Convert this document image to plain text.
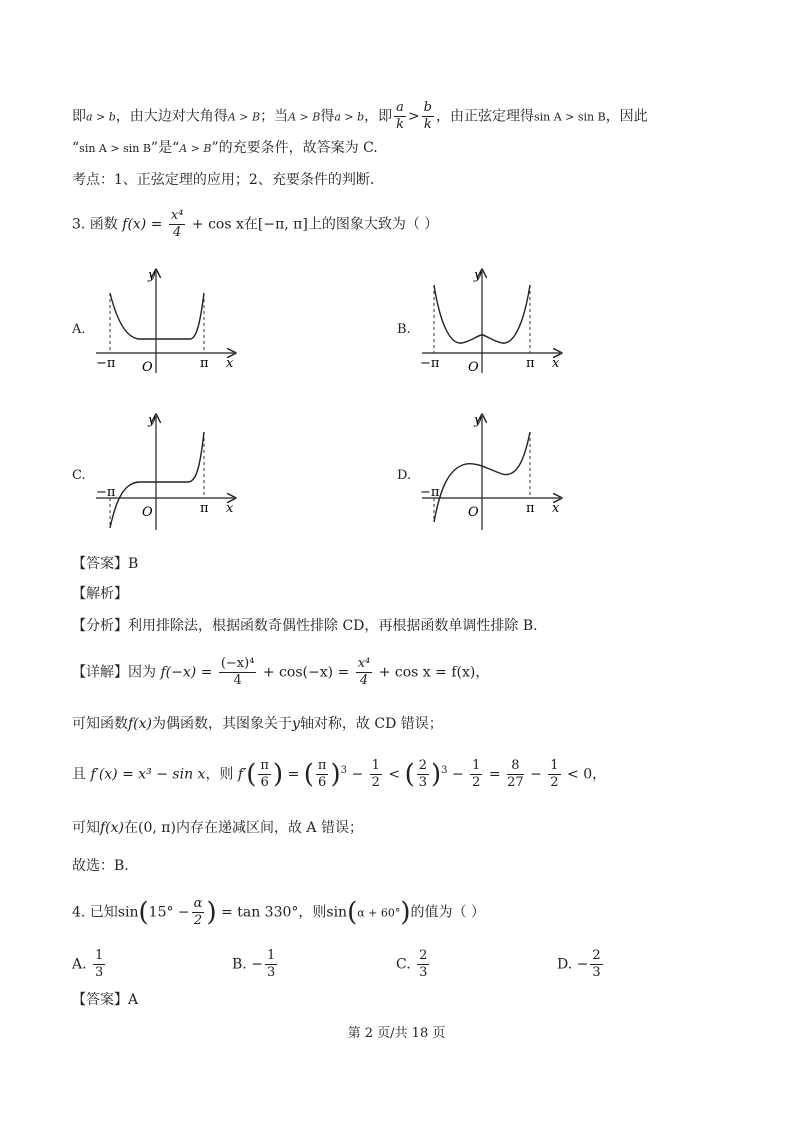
即a > b，由大边对大角得A > B；当A > B得a > b，即 $\frac{a}{k} > \frac{b}{k}$ ，由正弦定理得sin A > sin B，因此
“sin A > sin B”是“A > B”的充要条件，故答案为 C.
考点：1、正弦定理的应用；2、充要条件的判断.
3. 函数 $f(x) = \frac{\text{x⁴}}{4} + \cos x$在[−π, π]上的图象大致为（ ）
A.	B.
C.	D.
y
x
O
−π	π
y
x
O
−π	π
y
x
O
−π
π
y
x
O
−π
π
【答案】B
【解析】
【分析】利用排除法，根据函数奇偶性排除 CD，再根据函数单调性排除 B.
【详解】因为 $f(-x) = \frac{\text{(−x)⁴}}{4} + \cos(-x) = \frac{\text{x⁴}}{4} + \cos x = f(x)$，
可知函数f(x)为偶函数，其图象关于y轴对称，故 CD 错误；
且 f′(x) = x³ − sin x，则 $f'( \frac{\pi}{6}$ ) = ( $\frac{\pi}{6} )^3 - \frac{1}{2}$ < ( $\frac{2}{3} )^3 - \frac{1}{2} = \frac{8}{27} - \frac{1}{2} < 0$，
可知f(x)在(0, π)内存在递减区间，故 A 错误；
故选：B.
4. 已知$\sin(15^\circ - \frac{\alpha}{2}$ ) = tan 330°，则sin(α + 60°)的值为（ ）
A. $\frac{1}{3}$	B. − $\frac{1}{3}$	C. $\frac{2}{3}$	D. − $\frac{2}{3}$
【答案】A
第 2 页/共 18 页
